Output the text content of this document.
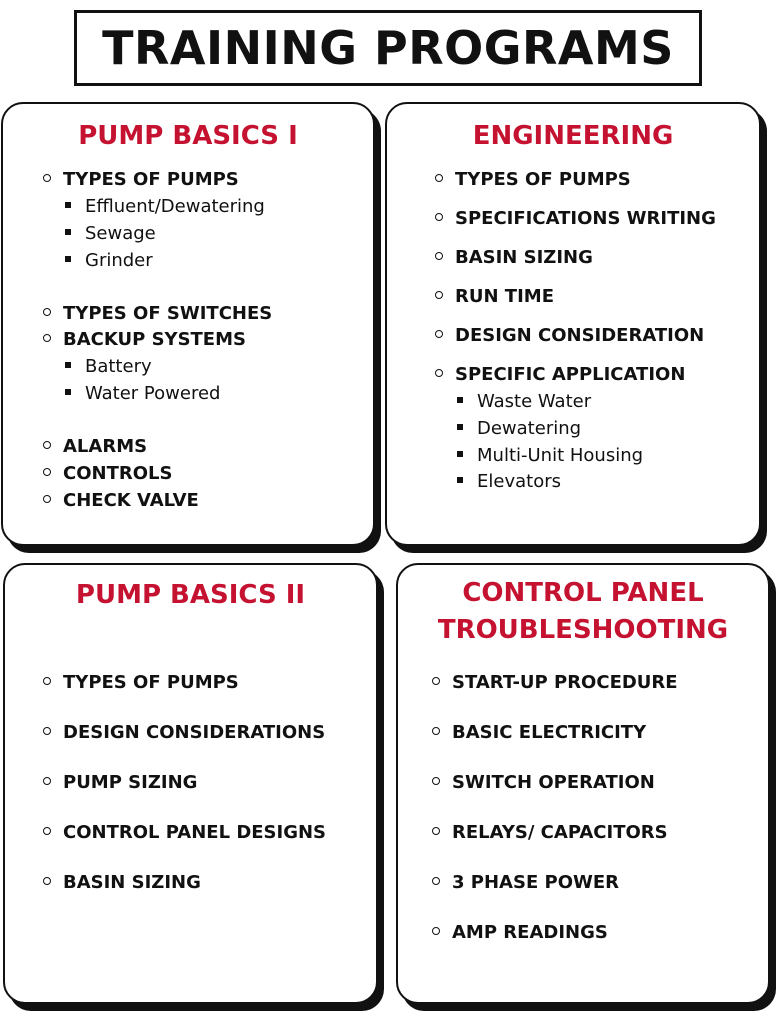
TRAINING PROGRAMS
PUMP BASICS I
TYPES OF PUMPS
Effluent/Dewatering
Sewage
Grinder
TYPES OF SWITCHES
BACKUP SYSTEMS
Battery
Water Powered
ALARMS
CONTROLS
CHECK VALVE
ENGINEERING
TYPES OF PUMPS
SPECIFICATIONS WRITING
BASIN SIZING
RUN TIME
DESIGN CONSIDERATION
SPECIFIC APPLICATION
Waste Water
Dewatering
Multi-Unit Housing
Elevators
PUMP BASICS II
TYPES OF PUMPS
DESIGN CONSIDERATIONS
PUMP SIZING
CONTROL PANEL DESIGNS
BASIN SIZING
CONTROL PANEL
TROUBLESHOOTING
START-UP PROCEDURE
BASIC ELECTRICITY
SWITCH OPERATION
RELAYS/ CAPACITORS
3 PHASE POWER
AMP READINGS
